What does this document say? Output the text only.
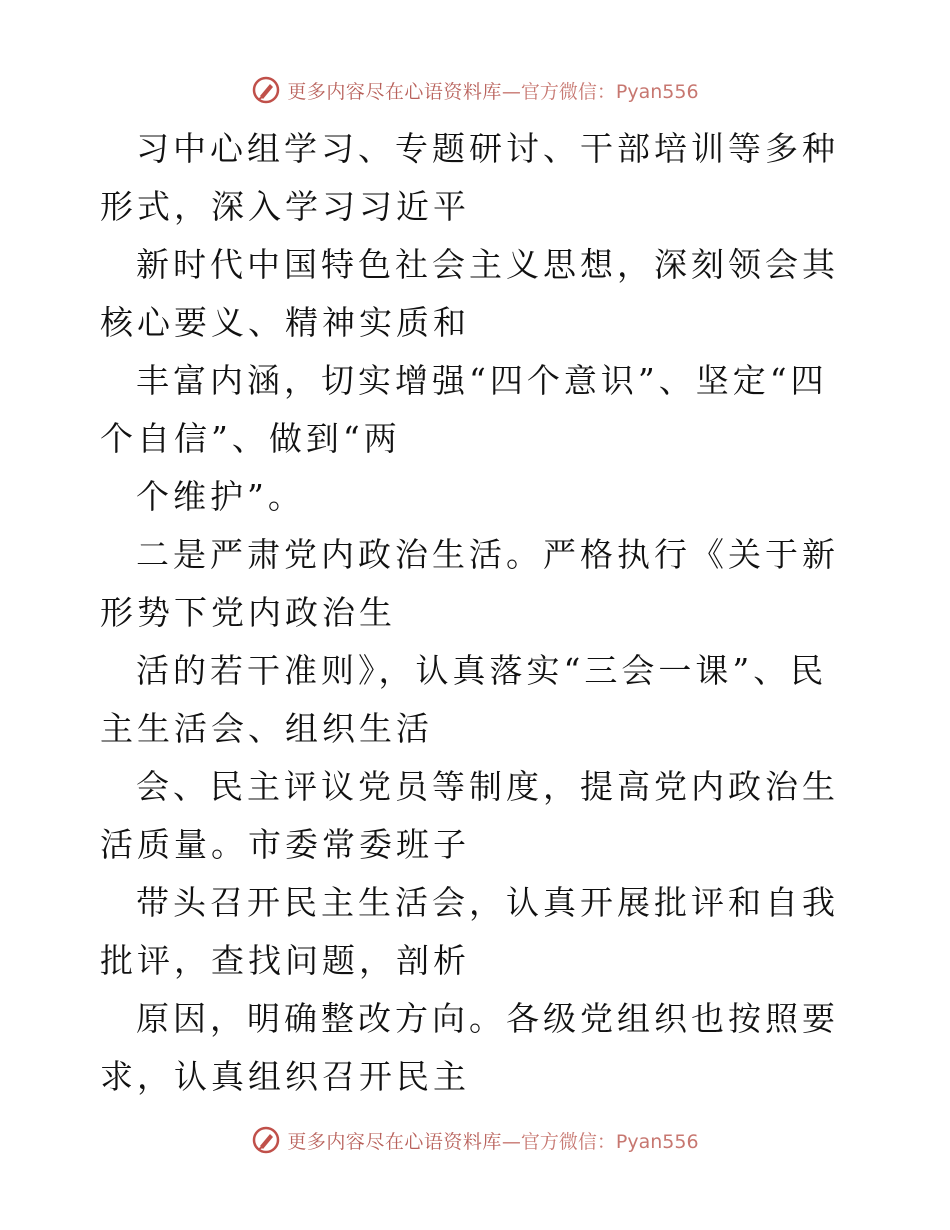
更多内容尽在心语资料库 —官方微信：Pyan556

习中心组学习、专题研讨、干部培训等多种形式，深入学习习近平

新时代中国特色社会主义思想，深刻领会其核心要义、精神实质和

丰富内涵，切实增强“四个意识”、坚定“四个自信”、做到“两

个维护”。

二是严肃党内政治生活。严格执行《关于新形势下党内政治生

活的若干准则》，认真落实“三会一课”、民主生活会、组织生活

会、民主评议党员等制度，提高党内政治生活质量。市委常委班子

带头召开民主生活会，认真开展批评和自我批评，查找问题，剖析

原因，明确整改方向。各级党组织也按照要求，认真组织召开民主

更多内容尽在心语资料库 —官方微信：Pyan556
